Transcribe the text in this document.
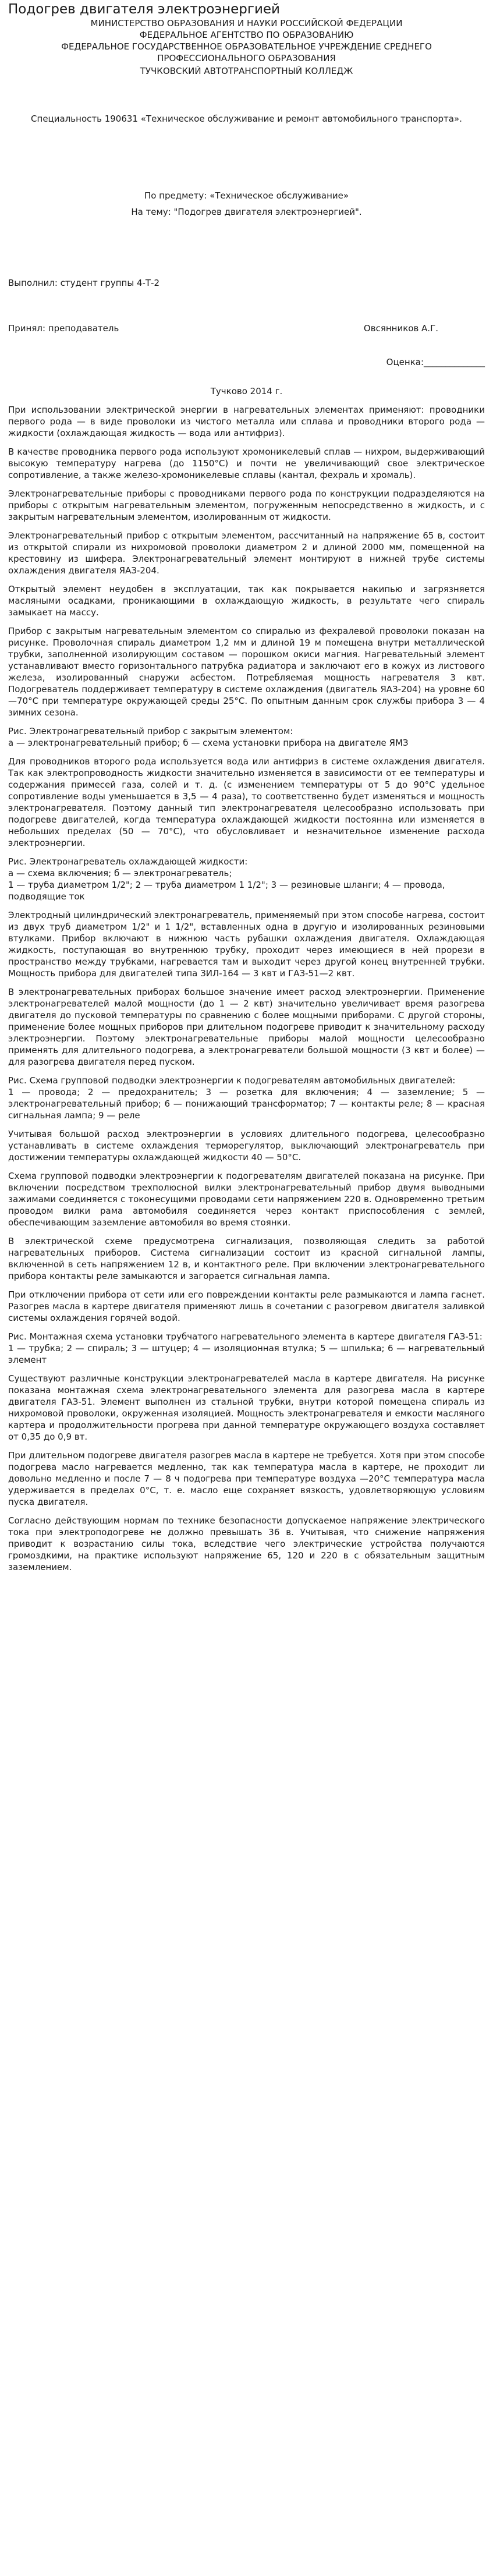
Подогрев двигателя электроэнергией

МИНИСТЕРСТВО ОБРАЗОВАНИЯ И НАУКИ РОССИЙСКОЙ ФЕДЕРАЦИИ

ФЕДЕРАЛЬНОЕ АГЕНТСТВО ПО ОБРАЗОВАНИЮ

ФЕДЕРАЛЬНОЕ ГОСУДАРСТВЕННОЕ ОБРАЗОВАТЕЛЬНОЕ УЧРЕЖДЕНИЕ СРЕДНЕГО ПРОФЕССИОНАЛЬНОГО ОБРАЗОВАНИЯ

ТУЧКОВСКИЙ АВТОТРАНСПОРТНЫЙ КОЛЛЕДЖ

Специальность 190631 «Техническое обслуживание и ремонт автомобильного транспорта».

По предмету: «Техническое обслуживание»

На тему: "Подогрев двигателя электроэнергией".

Выполнил: студент группы 4-Т-2

Принял: преподаватель	Овсянников А.Г.

Оценка:______________

Тучково 2014 г.

При использовании электрической энергии в нагревательных элементах применяют: проводники первого рода — в виде проволоки из чистого металла или сплава и проводники второго рода — жидкости (охлаждающая жидкость — вода или антифриз).

В качестве проводника первого рода используют хромоникелевый сплав — нихром, выдерживающий высокую температуру нагрева (до 1150°С) и почти не увеличивающий свое электрическое сопротивление, а также железо-хромоникелевые сплавы (кантал, фехраль и хромаль).

Электронагревательные приборы с проводниками первого рода по конструкции подразделяются на приборы с открытым нагревательным элементом, погруженным непосредственно в жидкость, и с закрытым нагревательным элементом, изолированным от жидкости.

Электронагревательный прибор с открытым элементом, рассчитанный на напряжение 65 в, состоит из открытой спирали из нихромовой проволоки диаметром 2 и длиной 2000 мм, помещенной на крестовину из шифера. Электронагревательный элемент монтируют в нижней трубе системы охлаждения двигателя ЯАЗ-204.

Открытый элемент неудобен в эксплуатации, так как покрывается накипью и загрязняется масляными осадками, проникающими в охлаждающую жидкость, в результате чего спираль замыкает на массу.

Прибор с закрытым нагревательным элементом со спиралью из фехралевой проволоки показан на рисунке. Проволочная спираль диаметром 1,2 мм и длиной 19 м помещена внутри металлической трубки, заполненной изолирующим составом — порошком окиси магния. Нагревательный элемент устанавливают вместо горизонтального патрубка радиатора и заключают его в кожух из листового железа, изолированный снаружи асбестом. Потребляемая мощность нагревателя 3 квт. Подогреватель поддерживает температуру в системе охлаждения (двигатель ЯАЗ-204) на уровне 60—70°С при температуре окружающей среды 25°С. По опытным данным срок службы прибора 3 — 4 зимних сезона.

Рис. Электронагревательный прибор с закрытым элементом:
а — электронагревательный прибор; б — схема установки прибора на двигателе ЯМЗ

Для проводников второго рода используется вода или антифриз в системе охлаждения двигателя. Так как электропроводность жидкости значительно изменяется в зависимости от ее температуры и содержания примесей газа, солей и т. д. (с изменением температуры от 5 до 90°С удельное сопротивление воды уменьшается в 3,5 — 4 раза), то соответственно будет изменяться и мощность электронагревателя. Поэтому данный тип электронагревателя целесообразно использовать при подогреве двигателей, когда температура охлаждающей жидкости постоянна или изменяется в небольших пределах (50 — 70°С), что обусловливает и незначительное изменение расхода электроэнергии.

Рис. Электронагреватель охлаждающей жидкости:
а — схема включения; б — электронагреватель;
1 — труба диаметром 1/2"; 2 — труба диаметром 1 1/2"; 3 — резиновые шланги; 4 — провода, подводящие ток

Электродный цилиндрический электронагреватель, применяемый при этом способе нагрева, состоит из двух труб диаметром 1/2" и 1 1/2", вставленных одна в другую и изолированных резиновыми втулками. Прибор включают в нижнюю часть рубашки охлаждения двигателя. Охлаждающая жидкость, поступающая во внутреннюю трубку, проходит через имеющиеся в ней прорези в пространство между трубками, нагревается там и выходит через другой конец внутренней трубки. Мощность прибора для двигателей типа ЗИЛ-164 — 3 квт и ГАЗ-51—2 квт.

В электронагревательных приборах большое значение имеет расход электроэнергии. Применение электронагревателей малой мощности (до 1 — 2 квт) значительно увеличивает время разогрева двигателя до пусковой температуры по сравнению с более мощными приборами. С другой стороны, применение более мощных приборов при длительном подогреве приводит к значительному расходу электроэнергии. Поэтому электронагревательные приборы малой мощности целесообразно применять для длительного подогрева, а электронагреватели большой мощности (3 квт и более) — для разогрева двигателя перед пуском.

Рис. Схема групповой подводки электроэнергии к подогревателям автомобильных двигателей:
1 — провода; 2 — предохранитель; 3 — розетка для включения; 4 — заземление; 5 — электронагревательный прибор; 6 — понижающий трансформатор; 7 — контакты реле; 8 — красная сигнальная лампа; 9 — реле

Учитывая большой расход электроэнергии в условиях длительного подогрева, целесообразно устанавливать в системе охлаждения терморегулятор, выключающий электронагреватель при достижении температуры охлаждающей жидкости 40 — 50°С.

Схема групповой подводки электроэнергии к подогревателям двигателей показана на рисунке. При включении посредством трехполюсной вилки электронагревательный прибор двумя выводными зажимами соединяется с токонесущими проводами сети напряжением 220 в. Одновременно третьим проводом вилки рама автомобиля соединяется через контакт приспособления с землей, обеспечивающим заземление автомобиля во время стоянки.

В электрической схеме предусмотрена сигнализация, позволяющая следить за работой нагревательных приборов. Система сигнализации состоит из красной сигнальной лампы, включенной в сеть напряжением 12 в, и контактного реле. При включении электронагревательного прибора контакты реле замыкаются и загорается сигнальная лампа.

При отключении прибора от сети или его повреждении контакты реле размыкаются и лампа гаснет. Разогрев масла в картере двигателя применяют лишь в сочетании с разогревом двигателя заливкой системы охлаждения горячей водой.

Рис. Монтажная схема установки трубчатого нагревательного элемента в картере двигателя ГАЗ-51:
1 — трубка; 2 — спираль; 3 — штуцер; 4 — изоляционная втулка; 5 — шпилька; 6 — нагревательный элемент

Существуют различные конструкции электронагревателей масла в картере двигателя. На рисунке показана монтажная схема электронагревательного элемента для разогрева масла в картере двигателя ГАЗ-51. Элемент выполнен из стальной трубки, внутри которой помещена спираль из нихромовой проволоки, окруженная изоляцией. Мощность электронагревателя и емкости масляного картера и продолжительности прогрева при данной температуре окружающего воздуха составляет от 0,35 до 0,9 вт.

При длительном подогреве двигателя разогрев масла в картере не требуется. Хотя при этом способе подогрева масло нагревается медленно, так как температура масла в картере, не проходит ли довольно медленно и после 7 — 8 ч подогрева при температуре воздуха —20°С температура масла удерживается в пределах 0°С, т. е. масло еще сохраняет вязкость, удовлетворяющую условиям пуска двигателя.

Согласно действующим нормам по технике безопасности допускаемое напряжение электрического тока при электроподогреве не должно превышать 36 в. Учитывая, что снижение напряжения приводит к возрастанию силы тока, вследствие чего электрические устройства получаются громоздкими, на практике используют напряжение 65, 120 и 220 в с обязательным защитным заземлением.
